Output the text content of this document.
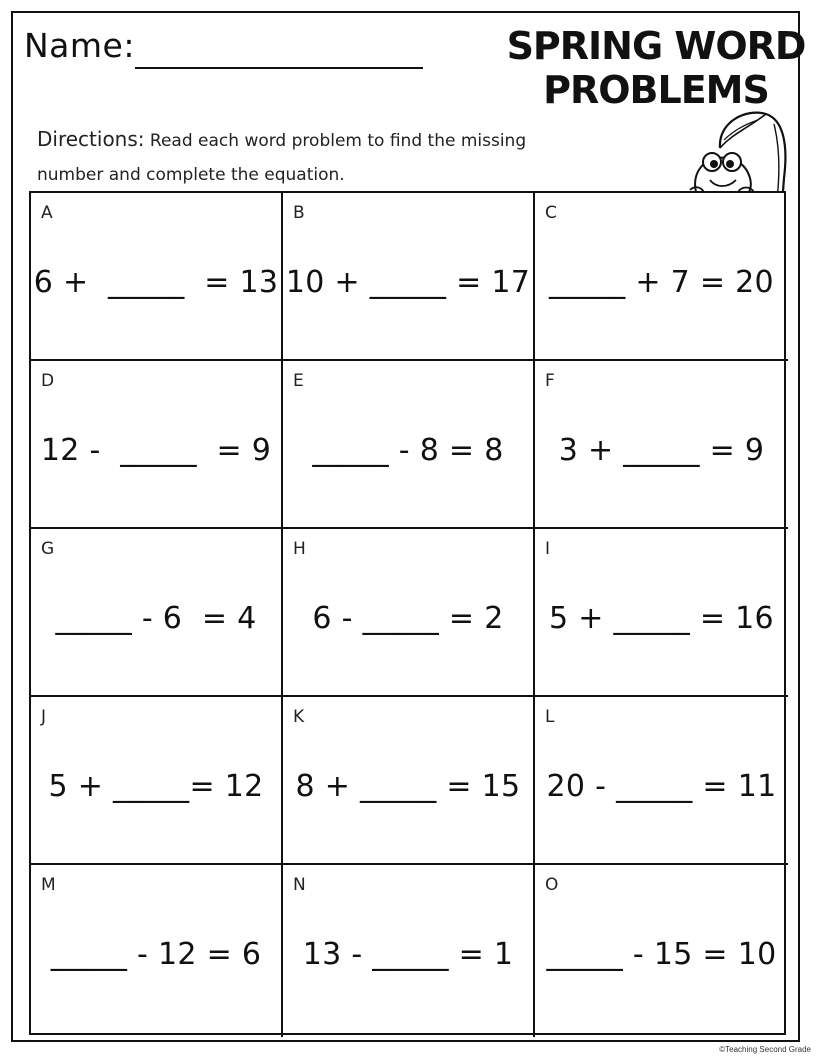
Name:	SPRING WORD
PROBLEMS
Directions: Read each word problem to find the missing
number and complete the equation.
A
6 +  _____  = 13
B
10 + _____ = 17
C
_____ + 7 = 20
D
12 -  _____  = 9
E
_____ - 8 = 8
F
3 + _____ = 9
G
_____ - 6  = 4
H
6 - _____ = 2
I
5 + _____ = 16
J
5 + _____= 12
K
8 + _____ = 15
L
20 - _____ = 11
M
_____ - 12 = 6
N
13 - _____ = 1
O
_____ - 15 = 10
©Teaching Second Grade
